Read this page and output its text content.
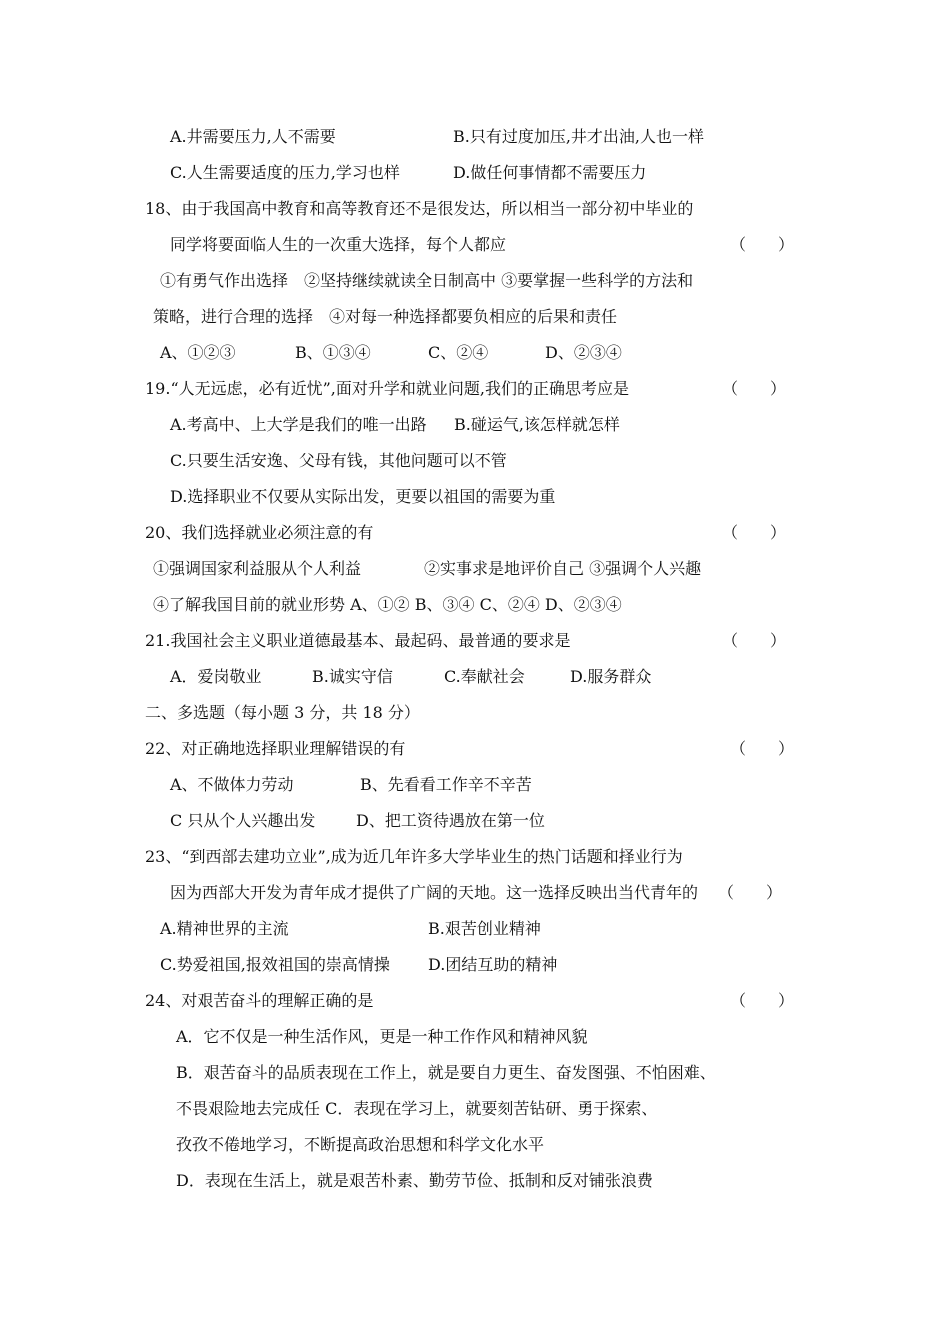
A.井需要压力,人不需要	B.只有过度加压,井才出油,人也一样
C.人生需要适度的压力,学习也样	D.做任何事情都不需要压力
18、由于我国高中教育和高等教育还不是很发达，所以相当一部分初中毕业的
同学将要面临人生的一次重大选择，每个人都应	（　　）
①有勇气作出选择　②坚持继续就读全日制高中 ③要掌握一些科学的方法和
策略，进行合理的选择　④对每一种选择都要负相应的后果和责任
A、①②③	B、①③④	C、②④	D、②③④
19.“人无远虑，必有近忧”,面对升学和就业问题,我们的正确思考应是	（　　）
A.考高中、上大学是我们的唯一出路 B.碰运气,该怎样就怎样
C.只要生活安逸、父母有钱，其他问题可以不管
D.选择职业不仅要从实际出发，更要以祖国的需要为重
20、我们选择就业必须注意的有	（　　）
①强调国家利益服从个人利益	②实事求是地评价自己 ③强调个人兴趣
④了解我国目前的就业形势 A、①② B、③④ C、②④ D、②③④
21.我国社会主义职业道德最基本、最起码、最普通的要求是	（　　）
A．爱岗敬业	B.诚实守信	C.奉献社会	D.服务群众
二、多选题（每小题 3 分，共 18 分）
22、对正确地选择职业理解错误的有	（　　）
A、不做体力劳动	B、先看看工作辛不辛苦
C 只从个人兴趣出发	D、把工资待遇放在第一位
23、“到西部去建功立业”,成为近几年许多大学毕业生的热门话题和择业行为
因为西部大开发为青年成才提供了广阔的天地。这一选择反映出当代青年的 （　　）
A.精神世界的主流	B.艰苦创业精神
C.势爱祖国,报效祖国的崇高情操 D.团结互助的精神
24、对艰苦奋斗的理解正确的是	（　　）
A．它不仅是一种生活作风，更是一种工作作风和精神风貌
B．艰苦奋斗的品质表现在工作上，就是要自力更生、奋发图强、不怕困难、
不畏艰险地去完成任 C．表现在学习上，就要刻苦钻研、勇于探索、
孜孜不倦地学习，不断提高政治思想和科学文化水平
D．表现在生活上，就是艰苦朴素、勤劳节俭、抵制和反对铺张浪费
